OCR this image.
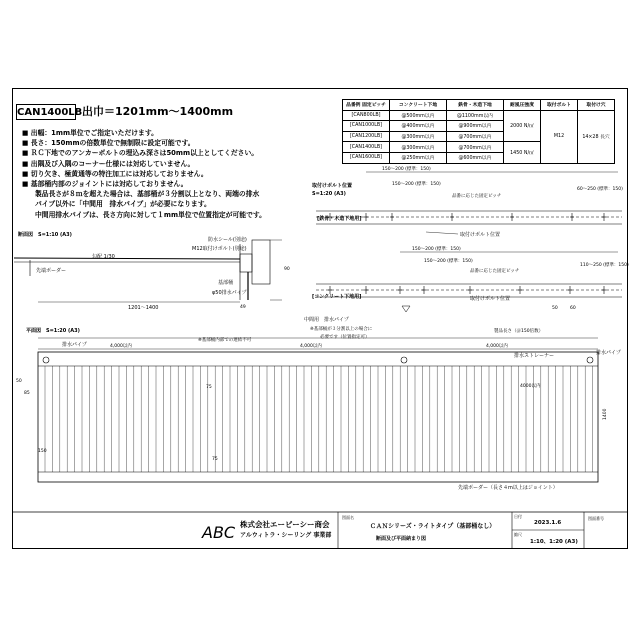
CAN1400LB 出巾＝1201mm～1400mm
■ 出幅：1mm単位でご指定いただけます。
■ 長さ：150mmの倍数単位で無制限に設定可能です。
■ ＲＣ下地でのアンカーボルトの埋込み深さは50mm以上としてください。
■ 出隅及び入隅のコーナー仕様には対応していません。
■ 切り欠き、極黄通等の特注加工には対応しておりません。
■ 基部桶内部のジョイントには対応しておりません。
製品長さが８ｍを超えた場合は、基部桶が３分割以上となり、両端の排水
パイプ以外に「中間用　排水パイプ」が必要になります。
中間用排水パイプは、長さ方向に対して１mm単位で位置指定が可能です。
品番例 固定ピッチ	コンクリート下地	鉄骨・木造下地	耐風圧強度	取付ボルト	取付け穴
[CAN800LB]	@500mm以内	@1100mm以内	2000 N/㎡	M12	14×28 長穴
[CAN1000LB]	@400mm以内	@900mm以内			
[CAN1200LB]	@300mm以内	@700mm以内			
[CAN1400LB]	@300mm以内	@700mm以内	1450 N/㎡		
[CAN1600LB]	@250mm以内	@600mm以内			
取付けボルト位置
S=1:20 (A3)
[鉄骨・木造下地用]
150～200 (標準：150)
150～200 (標準：150)
60～250 (標準：150)
品番に応じた固定ピッチ
取付けボルト位置
[コンクリート下地用]
150～200 (標準：150)
150～200 (標準：150)
110～250 (標準：150)
品番に応じた固定ピッチ
取付けボルト位置
50	60
断面図　S=1:10 (A3)
勾配 1/30
防水シール(別途)
M12取付けボルト(別途)
基部桶
φ50排水パイプ
先端ボーダー
1201～1400
90
49
平面図　S=1:20 (A3)
排水パイプ
排水パイプ
※基部桶内部での連結不可
中間用　排水パイプ
※基部桶が３分割以上の場合に
必要です（位置指定可）
4,000以内	4,000以内	4,000以内
製品長さ（＠150倍数）
排水ストレーナー
4000以内
1400
先端ボーダー（長さ４m以上はジョイント）
50
85
75
150
75
ABC 株式会社エービーシー商会
アルウィトラ・シーリング 事業部
図面名
ＣＡＮシリーズ・ライトタイプ（基部桶なし）
断面及び平面納まり図
日付
2023.1.6
縮尺
1:10、1:20 (A3)
図面番号
